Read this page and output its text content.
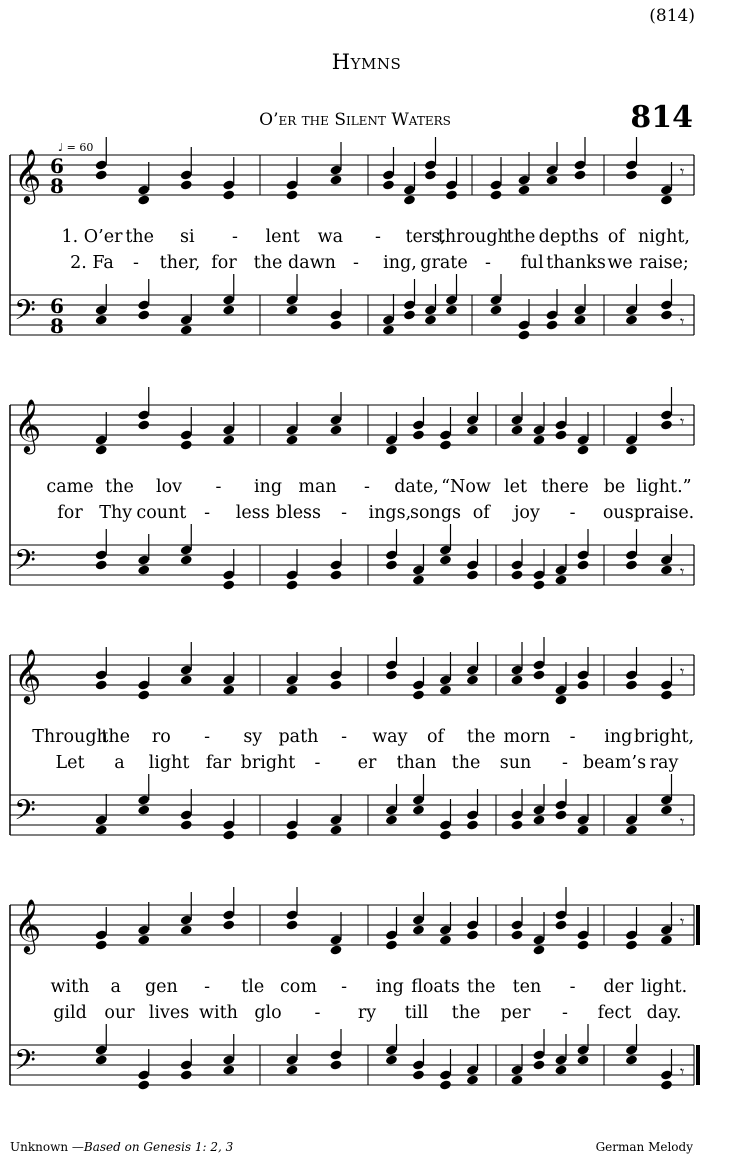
(814)
Hymns
O’er the Silent Waters	814
𝄞
𝄢
6
8
6
8
♩ = 60
𝄾
𝄾
𝄞
𝄢
𝄾
𝄾
𝄞
𝄢
𝄾
𝄾
𝄞
𝄢
𝄾
𝄾
1. O’er the si - lent wa - ters,
through
the depths of night,
2. Fa - ther, for the dawn - ing, grate - ful thanks we raise;
came the lov - ing man - date, “Now let there be light.”
for Thy count - less bless - ings,
songs of joy - ous praise.
Through
the ro - sy path - way of the morn - ing bright,
Let a light far bright - er than the sun - beam’s ray
with a gen - tle com - ing floats the ten - der light.
gild our lives with glo - ry till the per - fect day.
Unknown —Based on Genesis 1: 2, 3	German Melody
